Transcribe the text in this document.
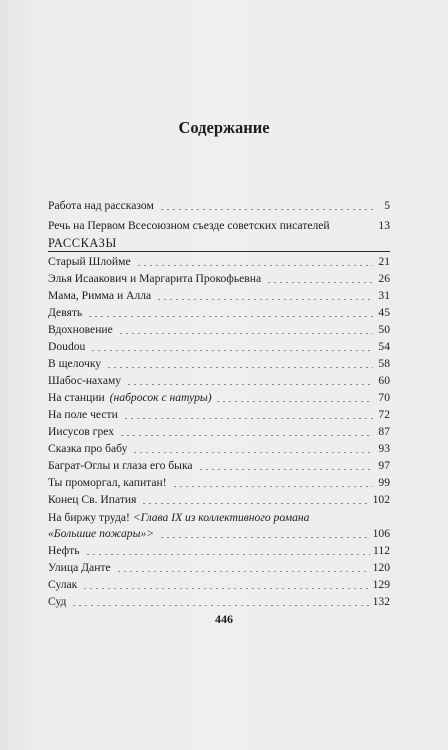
Содержание
Работа над рассказом	5
Речь на Первом Всесоюзном съезде советских писателей	13
РАССКАЗЫ
Старый Шлойме	21
Элья Исаакович и Маргарита Прокофьевна	26
Мама, Римма и Алла	31
Девять	45
Вдохновение	50
Doudou	54
В щелочку	58
Шабос-нахаму	60
На станции
(набросок с натуры)	70
На поле чести	72
Иисусов грех	87
Сказка про бабу	93
Баграт-Оглы и глаза его быка	97
Ты проморгал, капитан!	99
Конец Св. Ипатия	102
На биржу труда!
<Глава IX из коллективного романа
«Большие пожары»>	106
Нефть	112
Улица Данте	120
Сулак	129
Суд	132
446
